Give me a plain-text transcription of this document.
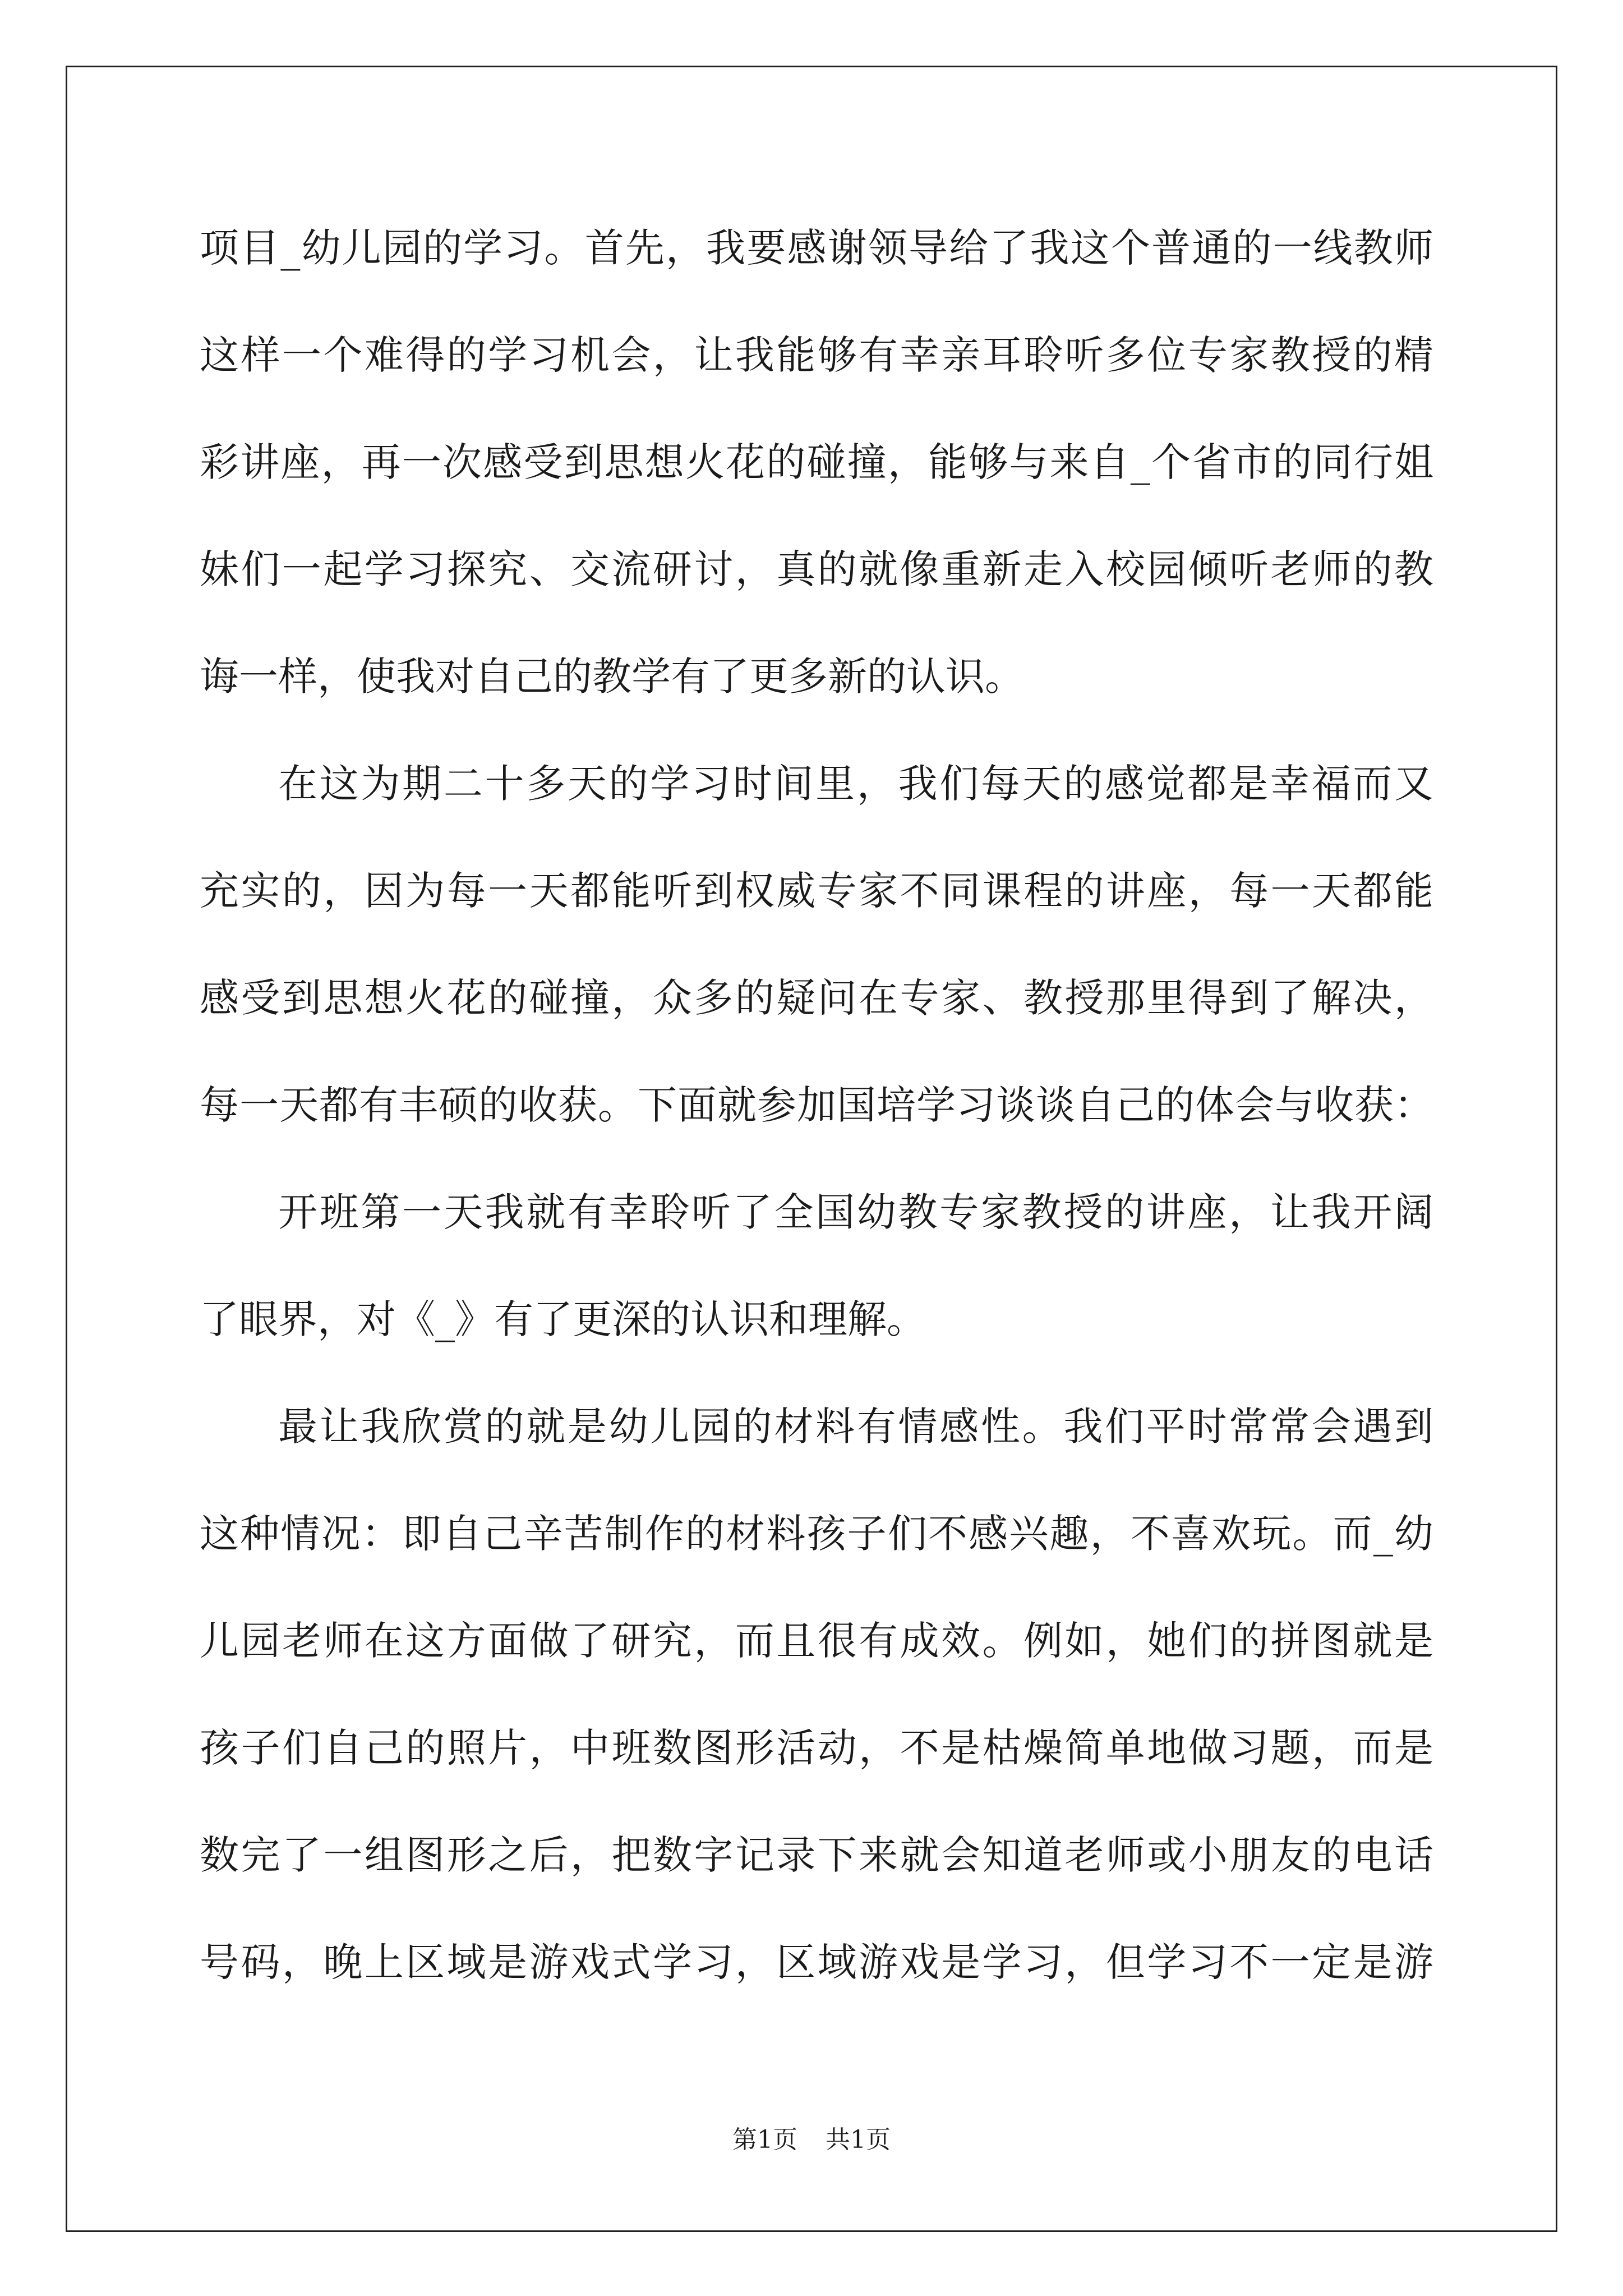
项目_幼儿园的学习。首先，我要感谢领导给了我这个普通的一线教师
这样一个难得的学习机会，让我能够有幸亲耳聆听多位专家教授的精
彩讲座，再一次感受到思想火花的碰撞，能够与来自_个省市的同行姐
妹们一起学习探究、交流研讨，真的就像重新走入校园倾听老师的教
诲一样，使我对自己的教学有了更多新的认识。
在这为期二十多天的学习时间里，我们每天的感觉都是幸福而又
充实的，因为每一天都能听到权威专家不同课程的讲座，每一天都能
感受到思想火花的碰撞，众多的疑问在专家、教授那里得到了解决，
每一天都有丰硕的收获。下面就参加国培学习谈谈自己的体会与收获：
开班第一天我就有幸聆听了全国幼教专家教授的讲座，让我开阔
了眼界，对《_》有了更深的认识和理解。
最让我欣赏的就是幼儿园的材料有情感性。我们平时常常会遇到
这种情况：即自己辛苦制作的材料孩子们不感兴趣，不喜欢玩。而_幼
儿园老师在这方面做了研究，而且很有成效。例如，她们的拼图就是
孩子们自己的照片，中班数图形活动，不是枯燥简单地做习题，而是
数完了一组图形之后，把数字记录下来就会知道老师或小朋友的电话
号码，晚上区域是游戏式学习，区域游戏是学习，但学习不一定是游
第1页 共1页
